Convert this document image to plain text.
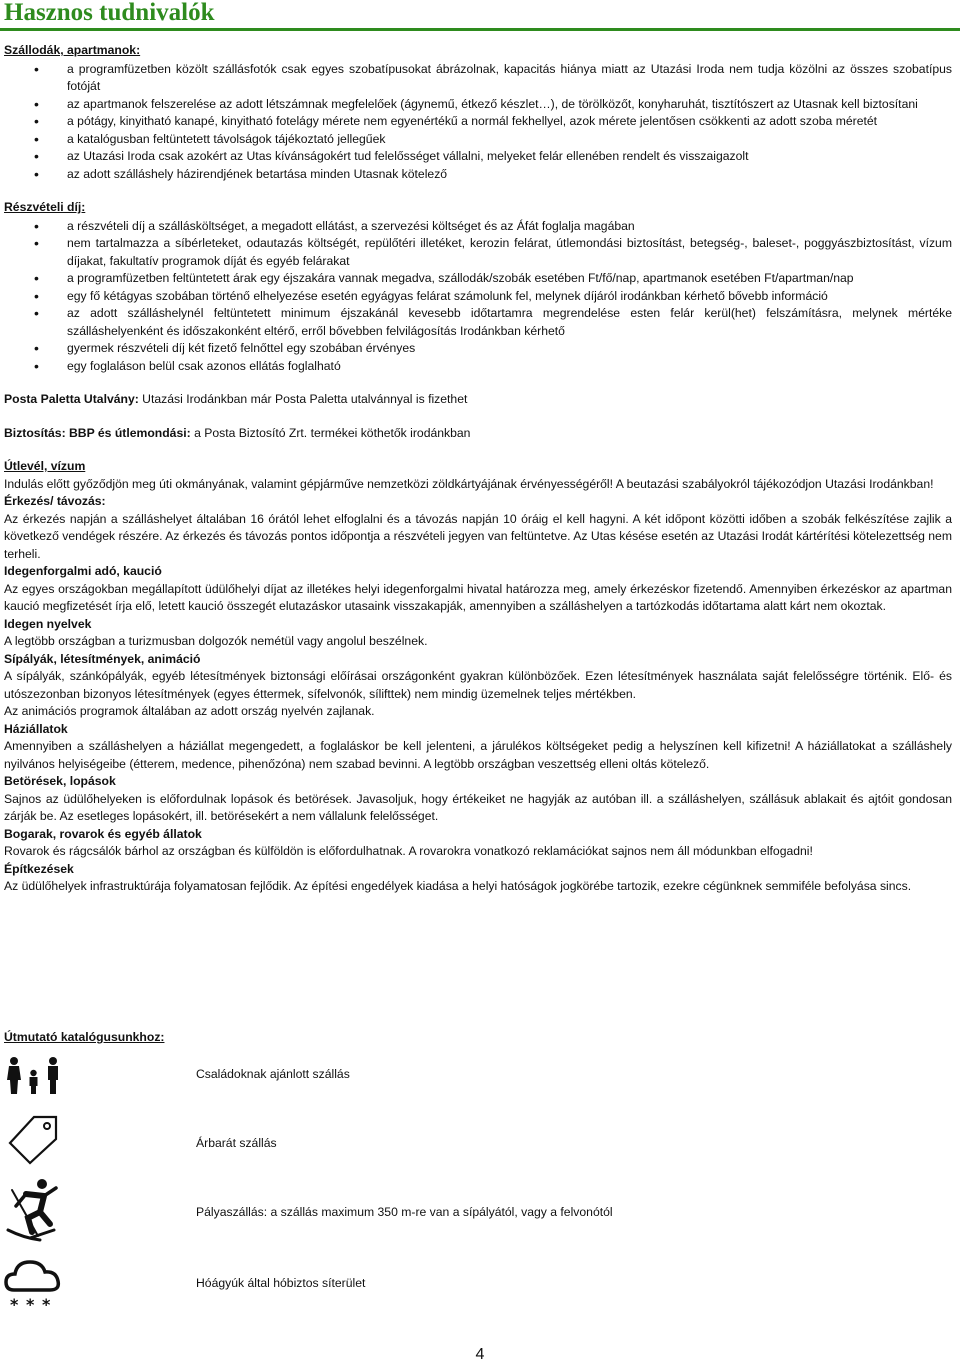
Hasznos tudnivalók

Szállodák, apartmanok:

• a programfüzetben közölt szállásfotók csak egyes szobatípusokat ábrázolnak, kapacitás hiánya miatt az Utazási Iroda nem tudja közölni az összes szobatípus fotóját
• az apartmanok felszerelése az adott létszámnak megfelelőek (ágynemű, étkező készlet…), de törölközőt, konyharuhát, tisztítószert az Utasnak kell biztosítani
• a pótágy, kinyitható kanapé, kinyitható fotelágy mérete nem egyenértékű a normál fekhellyel, azok mérete jelentősen csökkenti az adott szoba méretét
• a katalógusban feltüntetett távolságok tájékoztató jellegűek
• az Utazási Iroda csak azokért az Utas kívánságokért tud felelősséget vállalni, melyeket felár ellenében rendelt és visszaigazolt
• az adott szálláshely házirendjének betartása minden Utasnak kötelező

Részvételi díj:

• a részvételi díj a szállásköltséget, a megadott ellátást, a szervezési költséget és az Áfát foglalja magában
• nem tartalmazza a síbérleteket, odautazás költségét, repülőtéri illetéket, kerozin felárat, útlemondási biztosítást, betegség-, baleset-, poggyászbiztosítást, vízum díjakat, fakultatív programok díját és egyéb felárakat
• a programfüzetben feltüntetett árak egy éjszakára vannak megadva, szállodák/szobák esetében Ft/fő/nap, apartmanok esetében Ft/apartman/nap
• egy fő kétágyas szobában történő elhelyezése esetén egyágyas felárat számolunk fel, melynek díjáról irodánkban kérhető bővebb információ
• az adott szálláshelynél feltüntetett minimum éjszakánál kevesebb időtartamra megrendelése esten felár kerül(het) felszámításra, melynek mértéke szálláshelyenként és időszakonként eltérő, erről bővebben felvilágosítás Irodánkban kérhető
• gyermek részvételi díj két fizető felnőttel egy szobában érvényes
• egy foglaláson belül csak azonos ellátás foglalható

Posta Paletta Utalvány: Utazási Irodánkban már Posta Paletta utalvánnyal is fizethet

Biztosítás: BBP és útlemondási: a Posta Biztosító Zrt. termékei köthetők irodánkban

Útlevél, vízum

Indulás előtt győződjön meg úti okmányának, valamint gépjárműve nemzetközi zöldkártyájának érvényességéről! A beutazási szabályokról tájékozódjon Utazási Irodánkban!

Érkezés/ távozás:

Az érkezés napján a szálláshelyet általában 16 órától lehet elfoglalni és a távozás napján 10 óráig el kell hagyni. A két időpont közötti időben a szobák felkészítése zajlik a következő vendégek részére. Az érkezés és távozás pontos időpontja a részvételi jegyen van feltüntetve. Az Utas késése esetén az Utazási Irodát kártérítési kötelezettség nem terheli.

Idegenforgalmi adó, kaució

Az egyes országokban megállapított üdülőhelyi díjat az illetékes helyi idegenforgalmi hivatal határozza meg, amely érkezéskor fizetendő. Amennyiben érkezéskor az apartman kaució megfizetését írja elő, letett kaució összegét elutazáskor utasaink visszakapják, amennyiben a szálláshelyen a tartózkodás időtartama alatt kárt nem okoztak.

Idegen nyelvek

A legtöbb országban a turizmusban dolgozók nemétül vagy angolul beszélnek.

Sípályák, létesítmények, animáció

A sípályák, szánkópályák, egyéb létesítmények biztonsági előírásai országonként gyakran különbözőek. Ezen létesítmények használata saját felelősségre történik. Elő- és utószezonban bizonyos létesítmények (egyes éttermek, sífelvonók, sílifttek) nem mindig üzemelnek teljes mértékben.

Az animációs programok általában az adott ország nyelvén zajlanak.

Háziállatok

Amennyiben a szálláshelyen a háziállat megengedett, a foglaláskor be kell jelenteni, a járulékos költségeket pedig a helyszínen kell kifizetni! A háziállatokat a szálláshely nyilvános helyiségeibe (étterem, medence, pihenőzóna) nem szabad bevinni. A legtöbb országban veszettség elleni oltás kötelező.

Betörések, lopások

Sajnos az üdülőhelyeken is előfordulnak lopások és betörések. Javasoljuk, hogy értékeiket ne hagyják az autóban ill. a szálláshelyen, szállásuk ablakait és ajtóit gondosan zárják be. Az esetleges lopásokért, ill. betörésekért a nem vállalunk felelősséget.

Bogarak, rovarok és egyéb állatok

Rovarok és rágcsálók bárhol az országban és külföldön is előfordulhatnak. A rovarokra vonatkozó reklamációkat sajnos nem áll módunkban elfogadni!

Építkezések

Az üdülőhelyek infrastruktúrája folyamatosan fejlődik. Az építési engedélyek kiadása a helyi hatóságok jogkörébe tartozik, ezekre cégünknek semmiféle befolyása sincs.

Útmutató katalógusunkhoz:

Családoknak ajánlott szállás
Árbarát szállás
Pályaszállás: a szállás maximum 350 m-re van a sípályától, vagy a felvonótól
* * *
Hóágyúk által hóbiztos síterület
4
